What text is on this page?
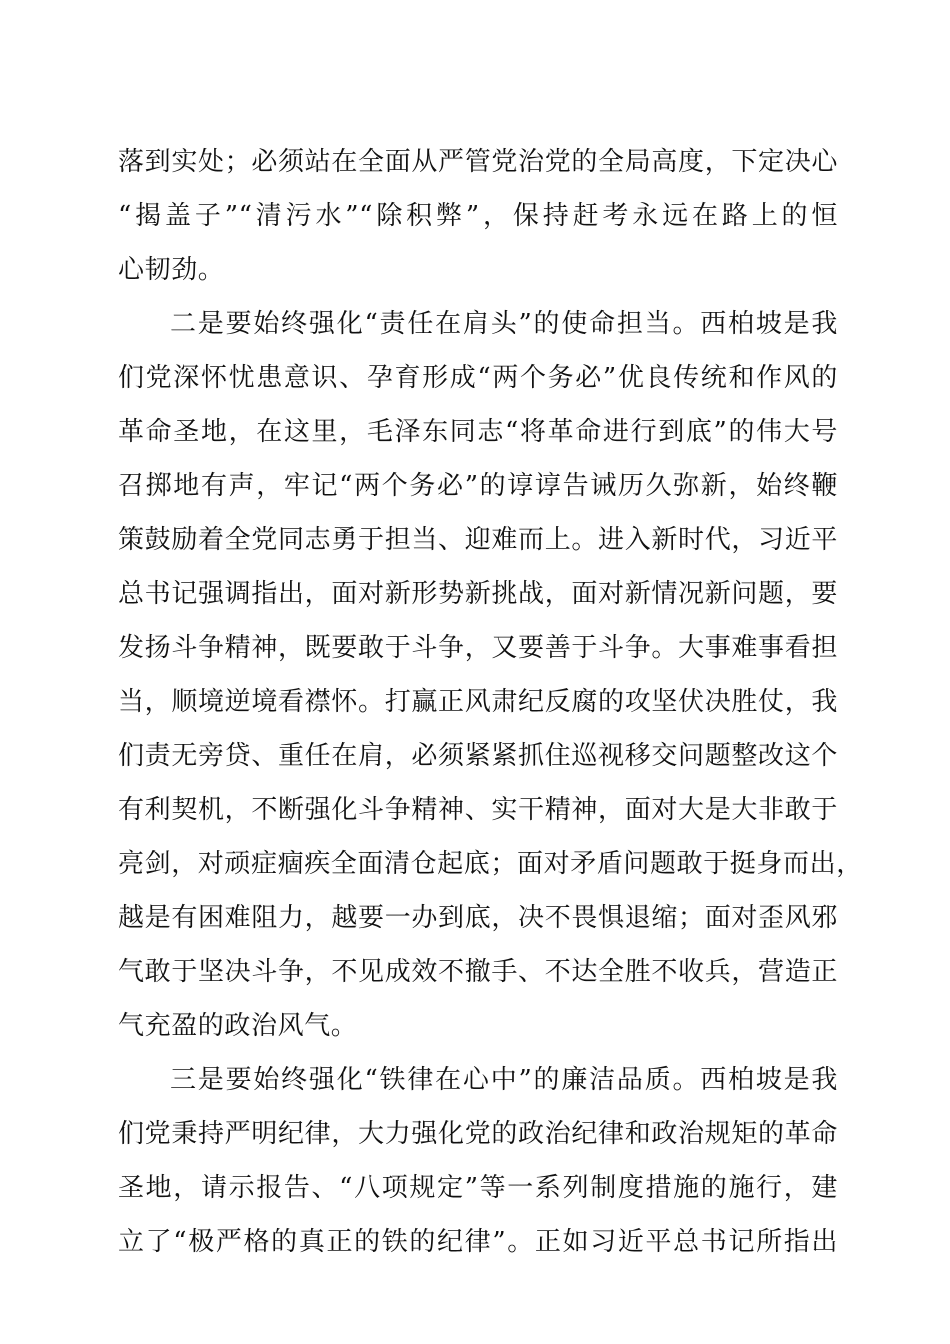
落到实处；必须站在全面从严管党治党的全局高度，下定决心
“揭盖子”“清污水”“除积弊”，保持赶考永远在路上的恒
心韧劲。
二是要始终强化“责任在肩头”的使命担当。西柏坡是我
们党深怀忧患意识、孕育形成“两个务必”优良传统和作风的
革命圣地，在这里，毛泽东同志“将革命进行到底”的伟大号
召掷地有声，牢记“两个务必”的谆谆告诫历久弥新，始终鞭
策鼓励着全党同志勇于担当、迎难而上。进入新时代，习近平
总书记强调指出，面对新形势新挑战，面对新情况新问题，要
发扬斗争精神，既要敢于斗争，又要善于斗争。大事难事看担
当，顺境逆境看襟怀。打赢正风肃纪反腐的攻坚伏决胜仗，我
们责无旁贷、重任在肩，必须紧紧抓住巡视移交问题整改这个
有利契机，不断强化斗争精神、实干精神，面对大是大非敢于
亮剑，对顽症痼疾全面清仓起底；面对矛盾问题敢于挺身而出，
越是有困难阻力，越要一办到底，决不畏惧退缩；面对歪风邪
气敢于坚决斗争，不见成效不撤手、不达全胜不收兵，营造正
气充盈的政治风气。
三是要始终强化“铁律在心中”的廉洁品质。西柏坡是我
们党秉持严明纪律，大力强化党的政治纪律和政治规矩的革命
圣地，请示报告、“八项规定”等一系列制度措施的施行，建
立了“极严格的真正的铁的纪律”。正如习近平总书记所指出
